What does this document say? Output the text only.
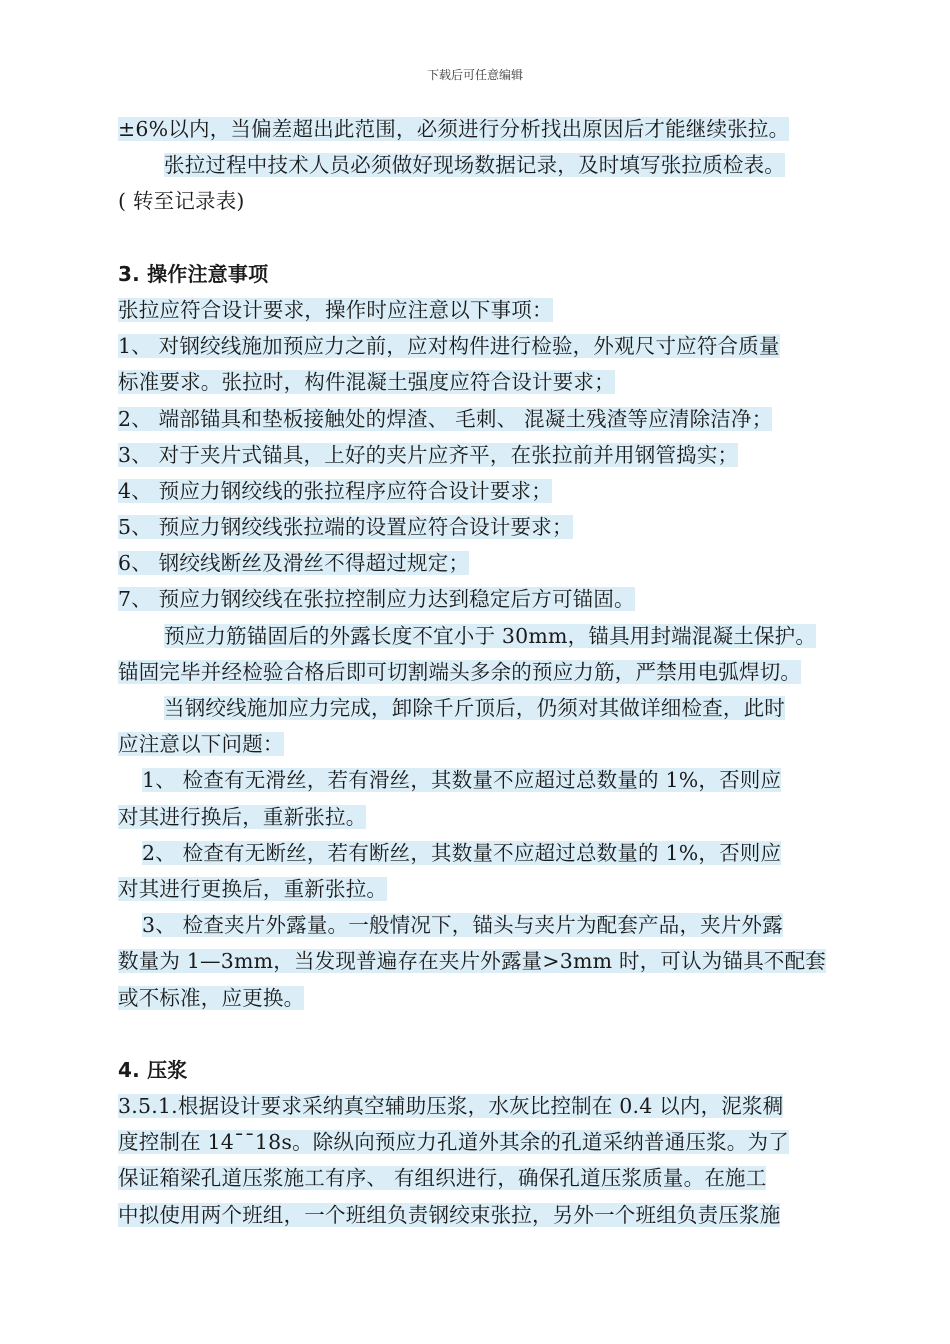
下载后可任意编辑
±6%以内，当偏差超出此范围，必须进行分析找出原因后才能继续张拉。
张拉过程中技术人员必须做好现场数据记录，及时填写张拉质检表。
( 转至记录表)
3. 操作注意事项
张拉应符合设计要求，操作时应注意以下事项：
1、 对钢绞线施加预应力之前，应对构件进行检验，外观尺寸应符合质量
标准要求。张拉时，构件混凝土强度应符合设计要求；
2、 端部锚具和垫板接触处的焊渣、 毛刺、 混凝土残渣等应清除洁净；
3、 对于夹片式锚具，上好的夹片应齐平，在张拉前并用钢管捣实；
4、 预应力钢绞线的张拉程序应符合设计要求；
5、 预应力钢绞线张拉端的设置应符合设计要求；
6、 钢绞线断丝及滑丝不得超过规定；
7、 预应力钢绞线在张拉控制应力达到稳定后方可锚固。
预应力筋锚固后的外露长度不宜小于 30mm，锚具用封端混凝土保护。
锚固完毕并经检验合格后即可切割端头多余的预应力筋，严禁用电弧焊切。
当钢绞线施加应力完成，卸除千斤顶后，仍须对其做详细检查，此时
应注意以下问题：
1、 检查有无滑丝，若有滑丝，其数量不应超过总数量的 1%，否则应
对其进行换后，重新张拉。
2、 检查有无断丝，若有断丝，其数量不应超过总数量的 1%，否则应
对其进行更换后，重新张拉。
3、 检查夹片外露量。一般情况下，锚头与夹片为配套产品，夹片外露
数量为 1—3mm，当发现普遍存在夹片外露量>3mm 时，可认为锚具不配套
或不标准，应更换。
4. 压浆
3.5.1.根据设计要求采纳真空辅助压浆，水灰比控制在 0.4 以内，泥浆稠
度控制在 14¯¯18s。除纵向预应力孔道外其余的孔道采纳普通压浆。为了
保证箱梁孔道压浆施工有序、 有组织进行，确保孔道压浆质量。在施工
中拟使用两个班组，一个班组负责钢绞束张拉，另外一个班组负责压浆施
